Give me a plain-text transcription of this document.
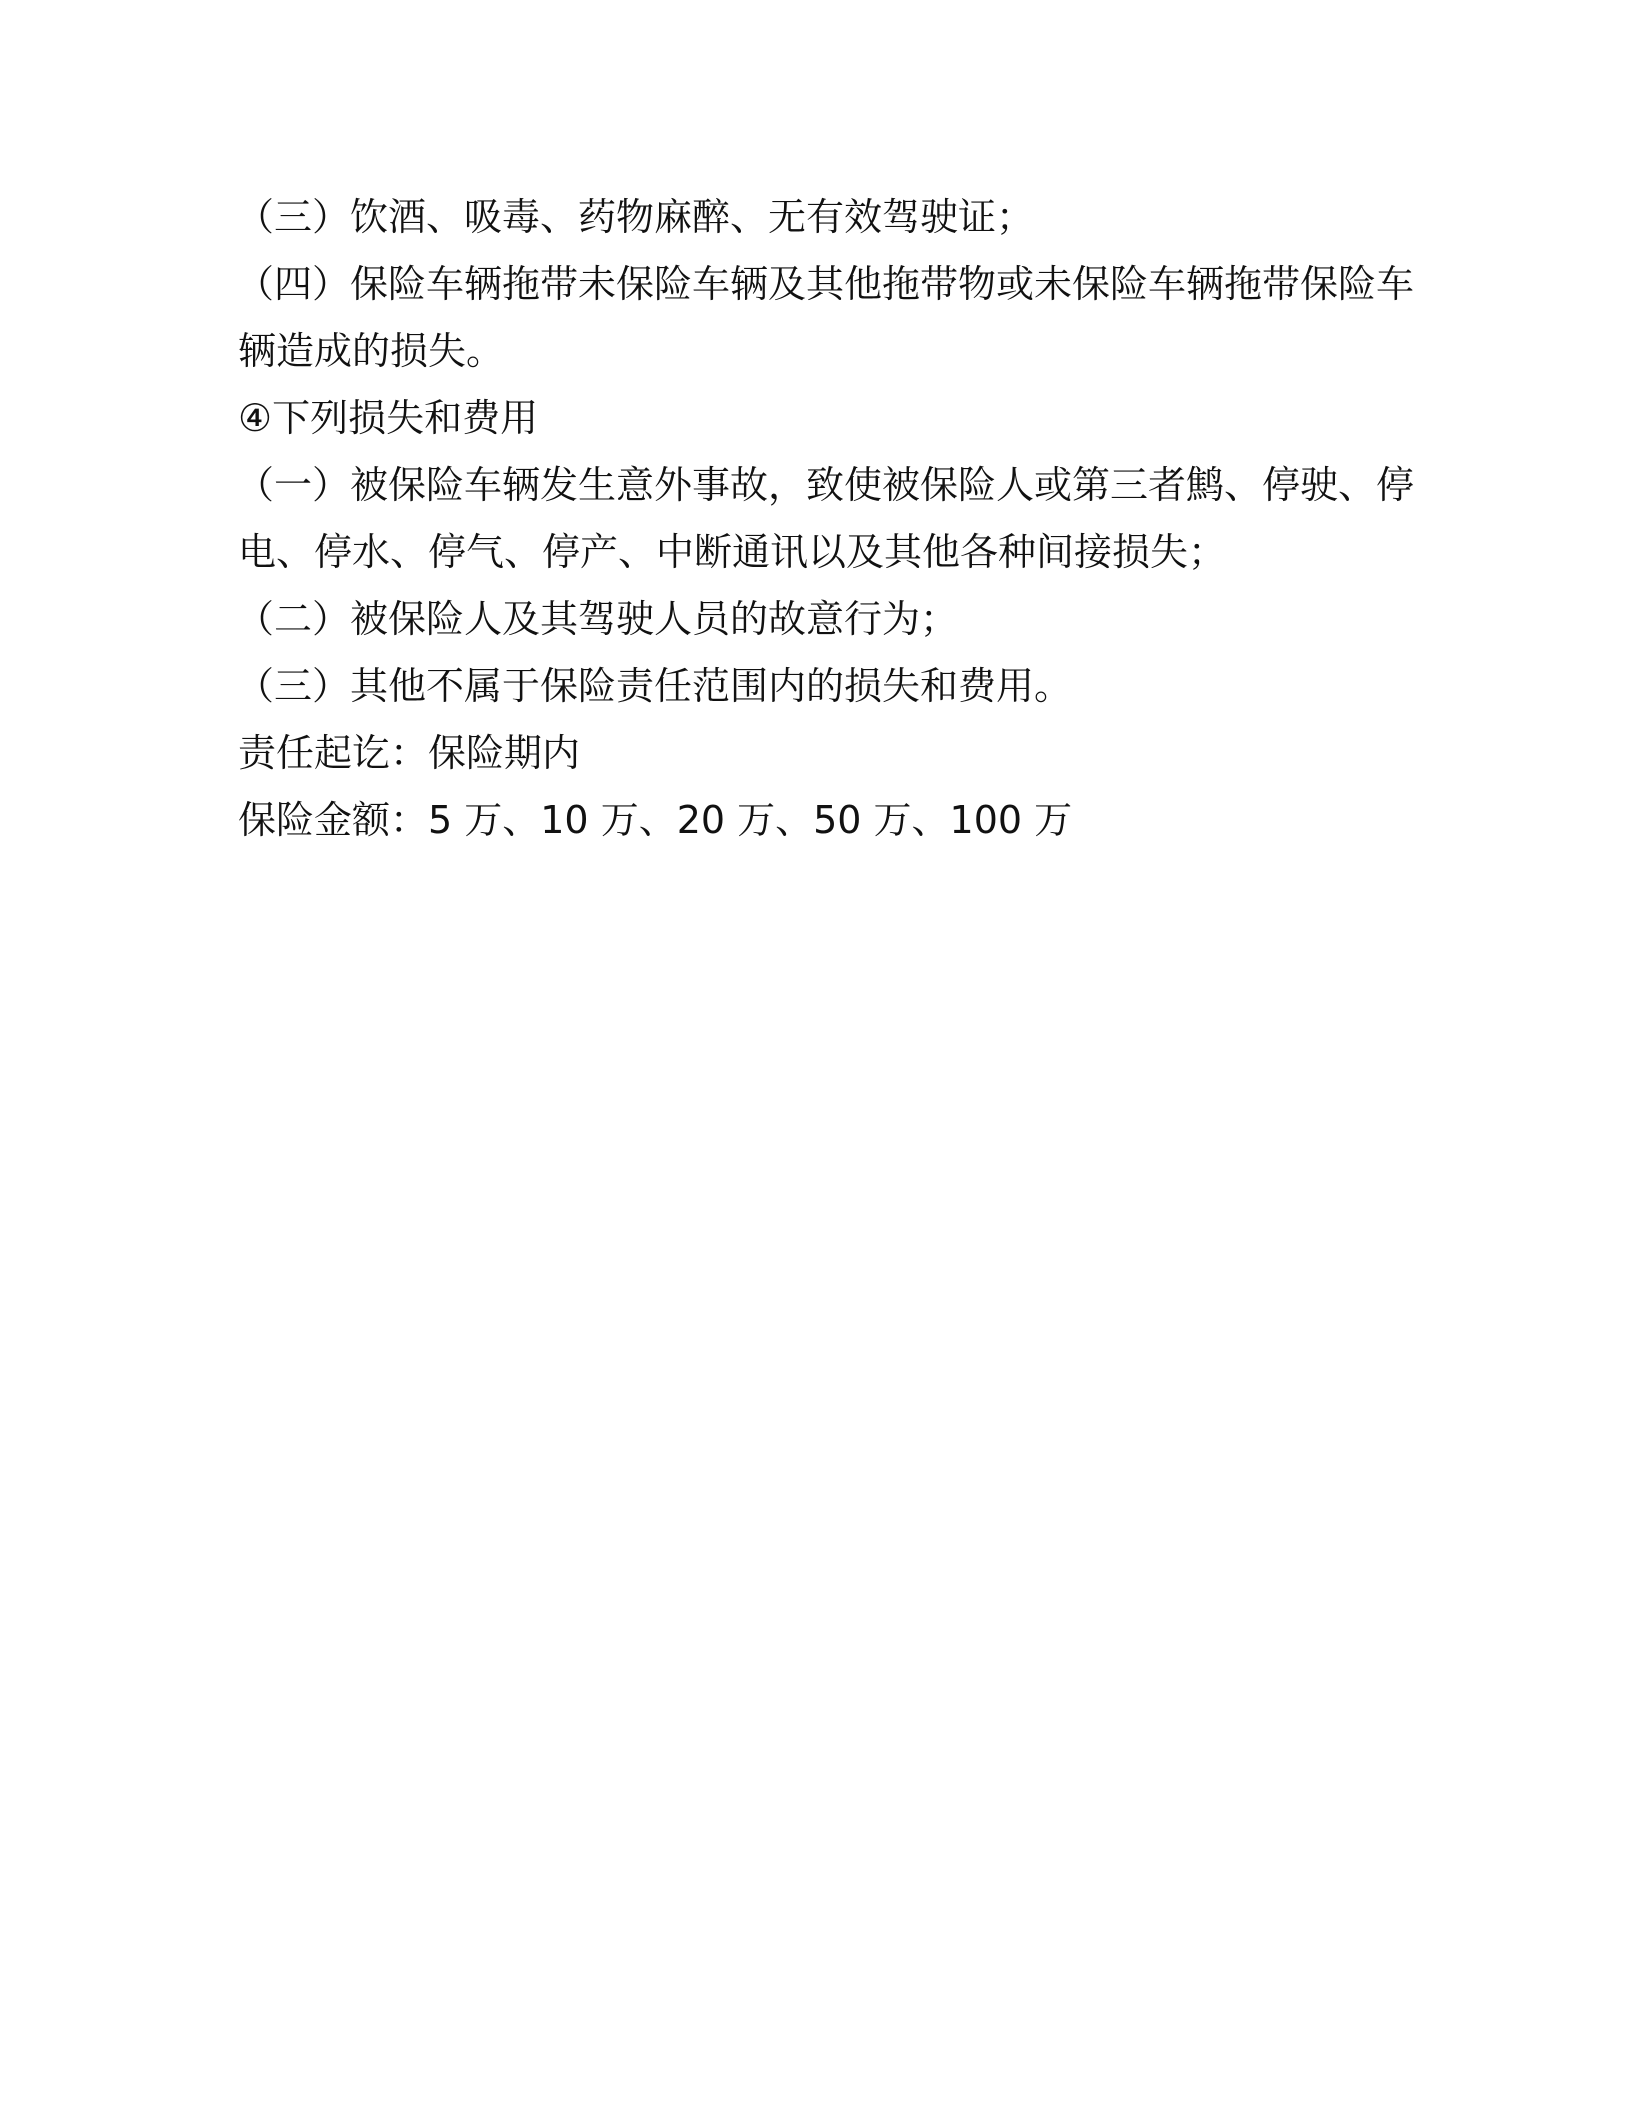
（三）饮酒、吸毒、药物麻醉、无有效驾驶证；
（四）保险车辆拖带未保险车辆及其他拖带物或未保险车辆拖带保险车
辆造成的损失。
④下列损失和费用
（一）被保险车辆发生意外事故，致使被保险人或第三者鹪、停驶、停
电、停水、停气、停产、中断通讯以及其他各种间接损失；
（二）被保险人及其驾驶人员的故意行为；
（三）其他不属于保险责任范围内的损失和费用。
责任起讫：保险期内
保险金额：5 万、10 万、20 万、50 万、100 万
